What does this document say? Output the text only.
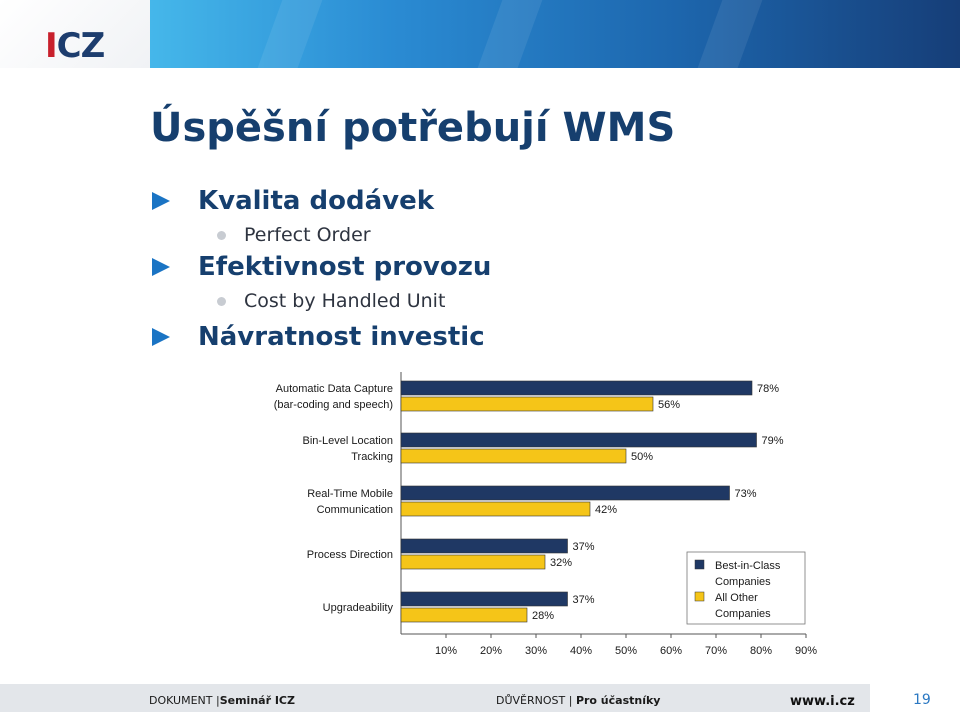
ICZ
Úspěšní potřebují WMS
Kvalita dodávek
Perfect Order
Efektivnost provozu
Cost by Handled Unit
Návratnost investic
10% 20% 30% 40% 50% 60% 70% 80% 90%
78%
56%
Automatic Data Capture
(bar-coding and speech)
79%
50%
Bin-Level Location
Tracking
73%
42%
Real-Time Mobile
Communication
37%
32%
Process Direction
37%
28%
Upgradeability
Best-in-Class
Companies
All Other
Companies
DOKUMENT |Seminář ICZ	DŮVĚRNOST | Pro účastníky	www.i.cz	19
